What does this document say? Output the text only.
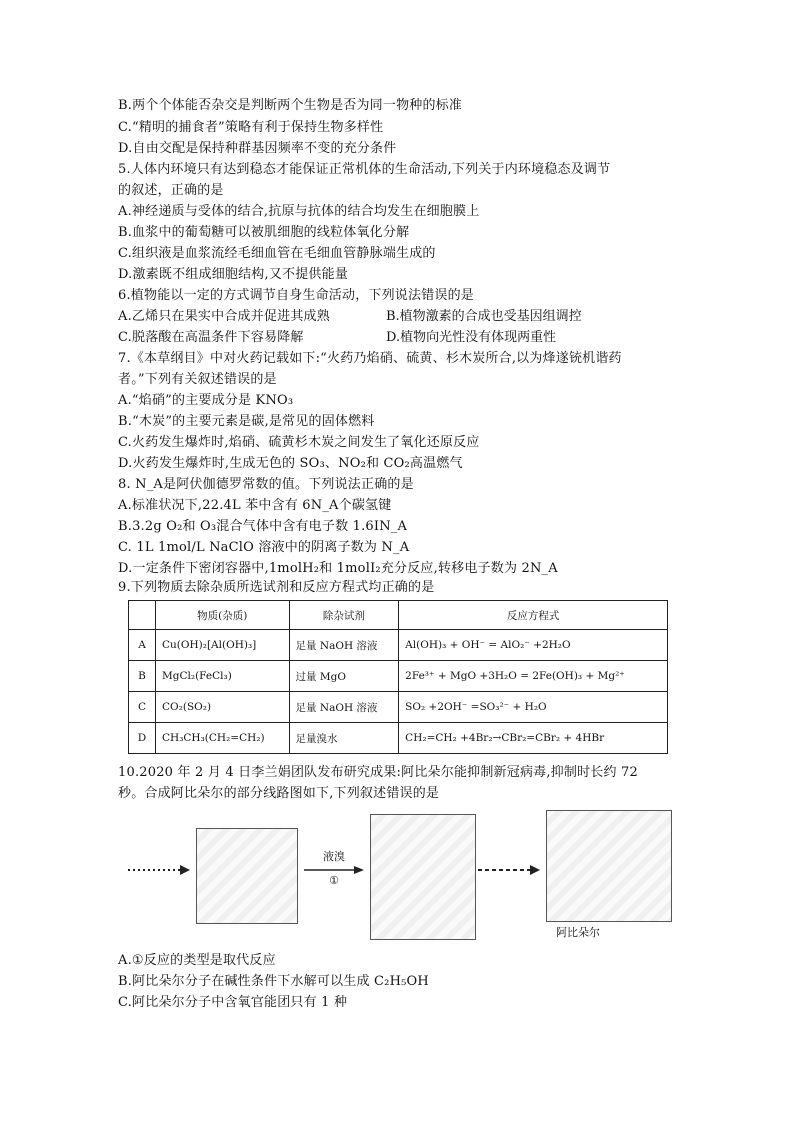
B.两个个体能否杂交是判断两个生物是否为同一物种的标准
C.“精明的捕食者”策略有利于保持生物多样性
D.自由交配是保持种群基因频率不变的充分条件
5.人体内环境只有达到稳态才能保证正常机体的生命活动,下列关于内环境稳态及调节
的叙述，正确的是
A.神经递质与受体的结合,抗原与抗体的结合均发生在细胞膜上
B.血浆中的葡萄糖可以被肌细胞的线粒体氧化分解
C.组织液是血浆流经毛细血管在毛细血管静脉端生成的
D.激素既不组成细胞结构,又不提供能量
6.植物能以一定的方式调节自身生命活动，下列说法错误的是
A.乙烯只在果实中合成并促进其成熟	B.植物激素的合成也受基因组调控
C.脱落酸在高温条件下容易降解	D.植物向光性没有体现两重性
7.《本草纲目》中对火药记载如下:“火药乃焰硝、硫黄、杉木炭所合,以为烽遂铳机谐药
者。”下列有关叙述错误的是
A.“焰硝”的主要成分是 KNO₃
B.“木炭”的主要元素是碳,是常见的固体燃料
C.火药发生爆炸时,焰硝、硫黄杉木炭之间发生了氧化还原反应
D.火药发生爆炸时,生成无色的 SO₃、NO₂和 CO₂高温燃气
8. N_A是阿伏伽德罗常数的值。下列说法正确的是
A.标准状况下,22.4L 苯中含有 6N_A个碳氢键
B.3.2g O₂和 O₃混合气体中含有电子数 1.6IN_A
C. 1L 1mol/L NaClO 溶液中的阴离子数为 N_A
D.一定条件下密闭容器中,1molH₂和 1molI₂充分反应,转移电子数为 2N_A
9.下列物质去除杂质所选试剂和反应方程式均正确的是
	物质(杂质)	除杂试剂	反应方程式
A	Cu(OH)₂[Al(OH)₃]	足量 NaOH 溶液	Al(OH)₃ + OH⁻ = AlO₂⁻ +2H₂O
B	MgCl₂(FeCl₃)	过量 MgO	2Fe³⁺ + MgO +3H₂O = 2Fe(OH)₃ + Mg²⁺
C	CO₂(SO₂)	足量 NaOH 溶液	SO₂ +2OH⁻ =SO₃²⁻ + H₂O
D	CH₃CH₃(CH₂=CH₂)	足量溴水	CH₂=CH₂ +4Br₂→CBr₂=CBr₂ + 4HBr
10.2020 年 2 月 4 日李兰娟团队发布研究成果:阿比朵尔能抑制新冠病毒,抑制时长约 72
秒。合成阿比朵尔的部分线路图如下,下列叙述错误的是
液溴
①
阿比朵尔
A.①反应的类型是取代反应
B.阿比朵尔分子在碱性条件下水解可以生成 C₂H₅OH
C.阿比朵尔分子中含氧官能团只有 1 种
